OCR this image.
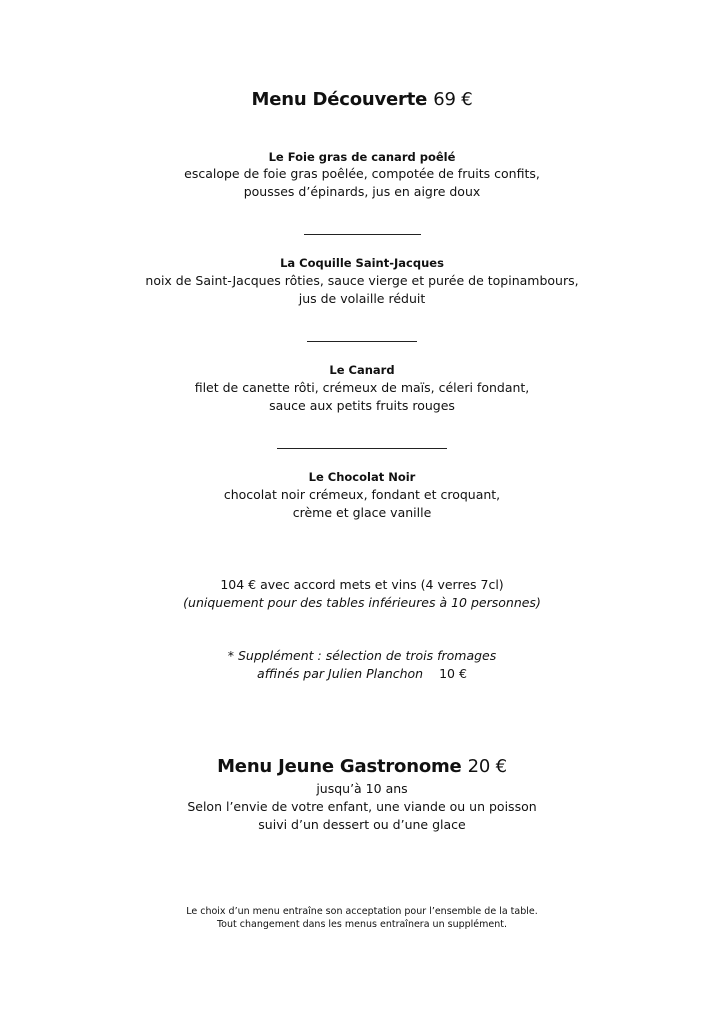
Menu Découverte 69 €
Le Foie gras de canard poêlé
escalope de foie gras poêlée, compotée de fruits confits,
pousses d’épinards, jus en aigre doux
La Coquille Saint-Jacques
noix de Saint-Jacques rôties, sauce vierge et purée de topinambours,
jus de volaille réduit
Le Canard
filet de canette rôti, crémeux de maïs, céleri fondant,
sauce aux petits fruits rouges
Le Chocolat Noir
chocolat noir crémeux, fondant et croquant,
crème et glace vanille
104 € avec accord mets et vins (4 verres 7cl)
(uniquement pour des tables inférieures à 10 personnes)
* Supplément : sélection de trois fromages
affinés par Julien Planchon 10 €
Menu Jeune Gastronome 20 €
jusqu’à 10 ans
Selon l’envie de votre enfant, une viande ou un poisson
suivi d’un dessert ou d’une glace
Le choix d’un menu entraîne son acceptation pour l’ensemble de la table.
Tout changement dans les menus entraînera un supplément.
